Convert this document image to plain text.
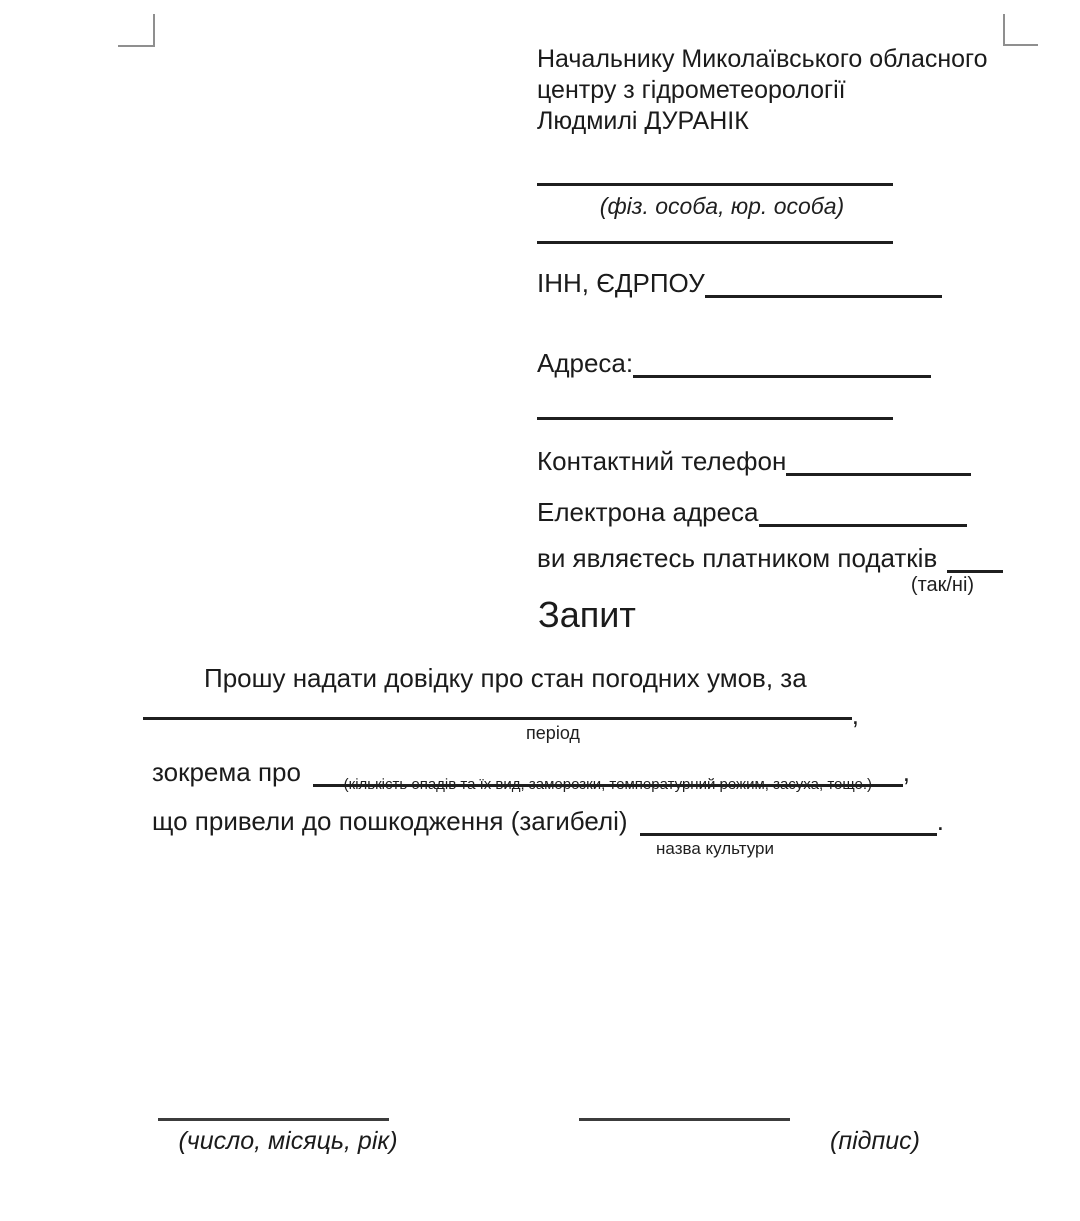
Начальнику Миколаївського обласного
центру з гідрометеорології
Людмилі ДУРАНІК
(фіз. особа, юр. особа)
ІНН, ЄДРПОУ
Адреса:
Контактний телефон
Електрона адреса
ви являєтесь платником податків
(так/ні)
Запит
Прошу надати довідку про стан погодних умов, за
,
період
зокрема про	(кількість опадів та їх вид, заморозки, температурний режим, засуха, тощо.)	,
що привели до пошкодження (загибелі)	.
назва культури
(число, місяць, рік)	(підпис)
